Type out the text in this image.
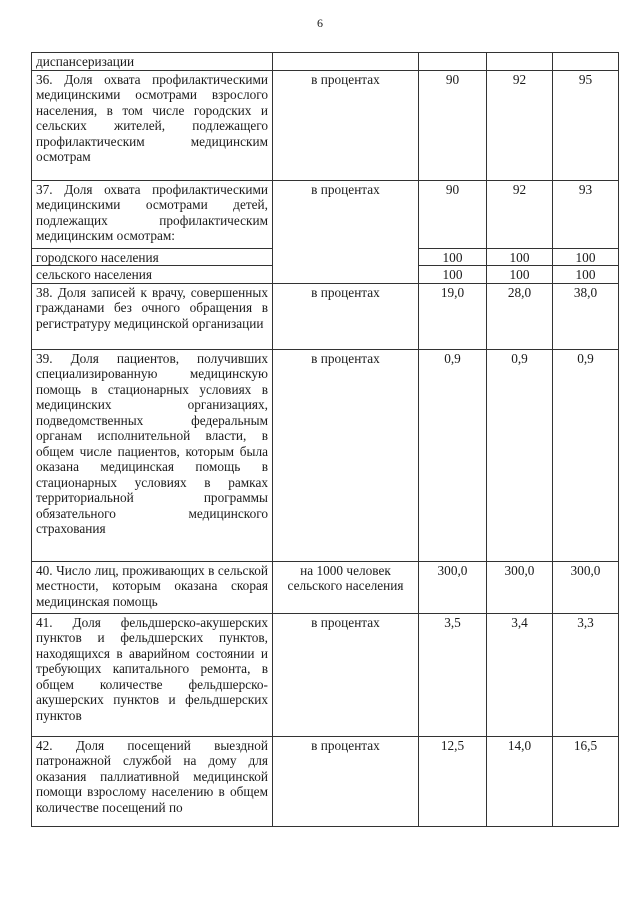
6
диспансеризации				
36. Доля охвата профилактическими медицинскими осмотрами взрослого населения, в том числе городских и сельских жителей, подлежащего профилактическим медицинским осмотрам	в процентах	90	92	95
37. Доля охвата профилактическими медицинскими осмотрами детей, подлежащих профилактическим медицинским осмотрам:	в процентах	90	92	93
городского населения		100	100	100
сельского населения		100	100	100
38. Доля записей к врачу, совершенных гражданами без очного обращения в регистратуру медицинской организации	в процентах	19,0	28,0	38,0
39. Доля пациентов, получивших специализированную медицинскую помощь в стационарных условиях в медицинских организациях, подведомственных федеральным органам исполнительной власти, в общем числе пациентов, которым была оказана медицинская помощь в стационарных условиях в рамках территориальной программы обязательного медицинского страхования	в процентах	0,9	0,9	0,9
40. Число лиц, проживающих в сельской местности, которым оказана скорая медицинская помощь	на 1000 человек сельского населения	300,0	300,0	300,0
41. Доля фельдшерско-акушерских пунктов и фельдшерских пунктов, находящихся в аварийном состоянии и требующих капитального ремонта, в общем количестве фельдшерско-акушерских пунктов и фельдшерских пунктов	в процентах	3,5	3,4	3,3
42. Доля посещений выездной патронажной службой на дому для оказания паллиативной медицинской помощи взрослому населению в общем количестве посещений по	в процентах	12,5	14,0	16,5
